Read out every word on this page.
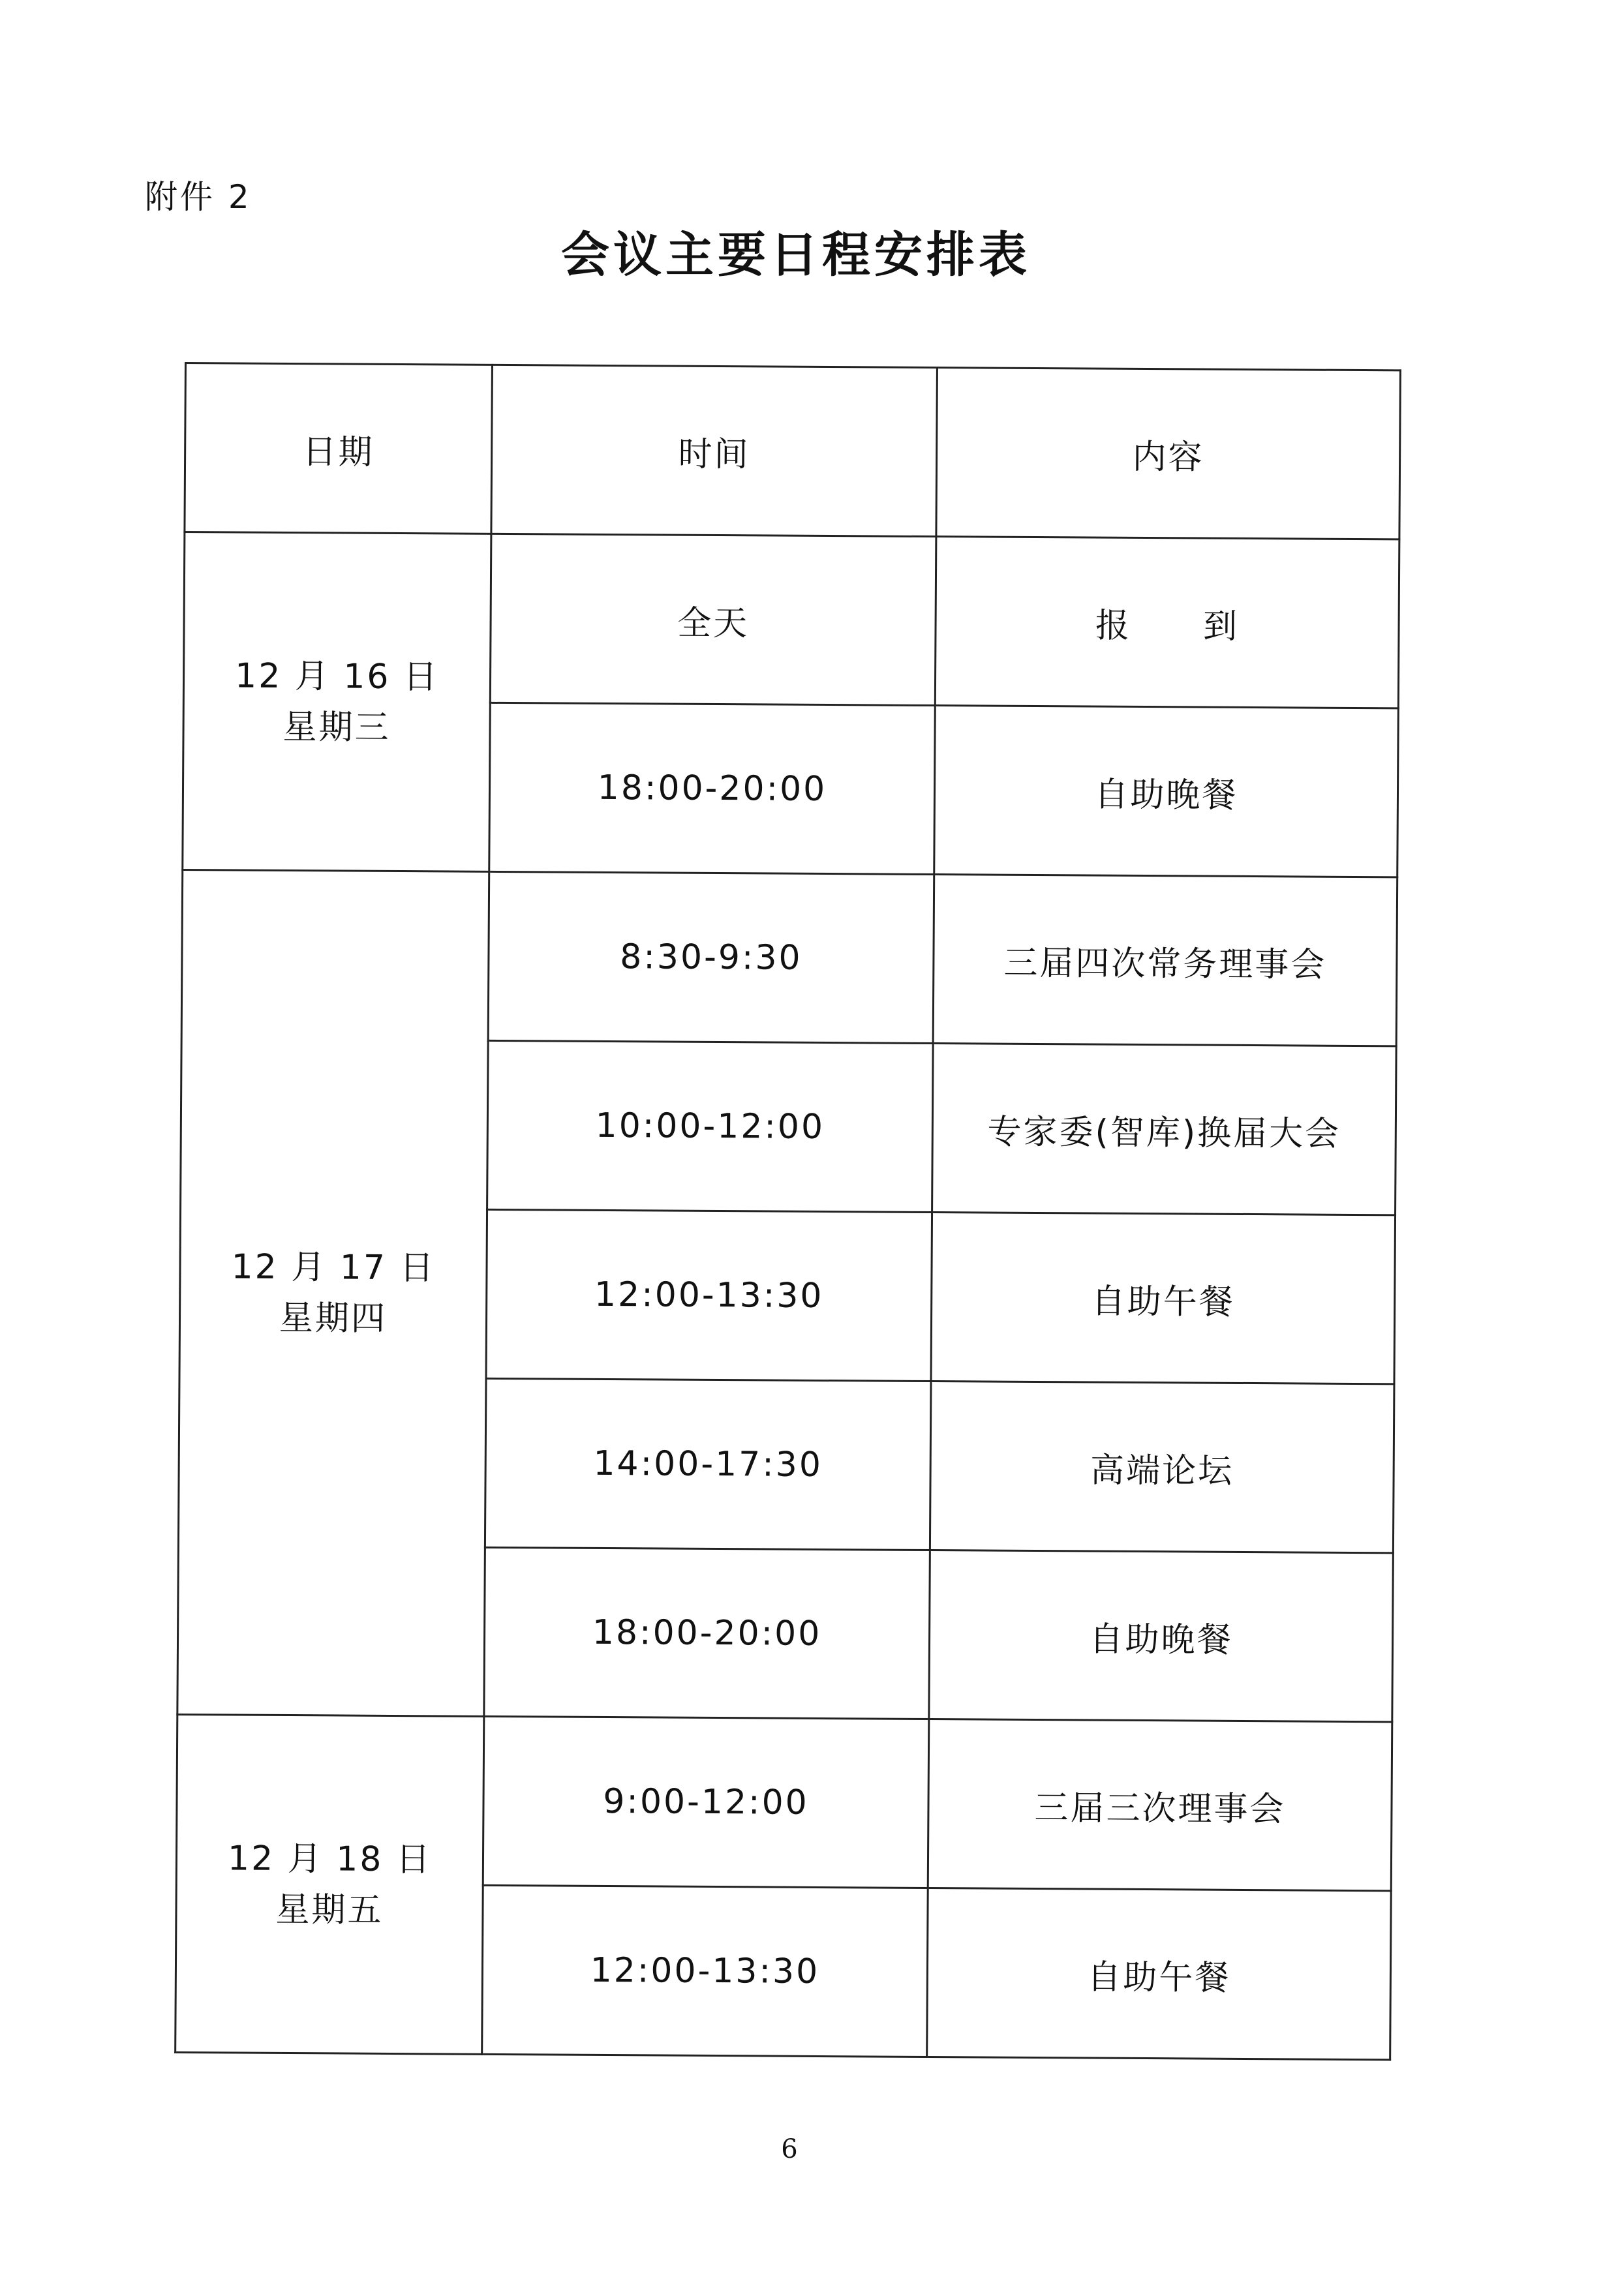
附件 2
会议主要日程安排表
日期	时间	内容

12 月 16 日
星期三	全天	报　　到
	18:00-20:00	自助晚餐

12 月 17 日
星期四	8:30-9:30	三届四次常务理事会
	10:00-12:00	专家委(智库)换届大会
	12:00-13:30	自助午餐
	14:00-17:30	高端论坛
	18:00-20:00	自助晚餐

12 月 18 日
星期五	9:00-12:00	三届三次理事会
	12:00-13:30	自助午餐
6
